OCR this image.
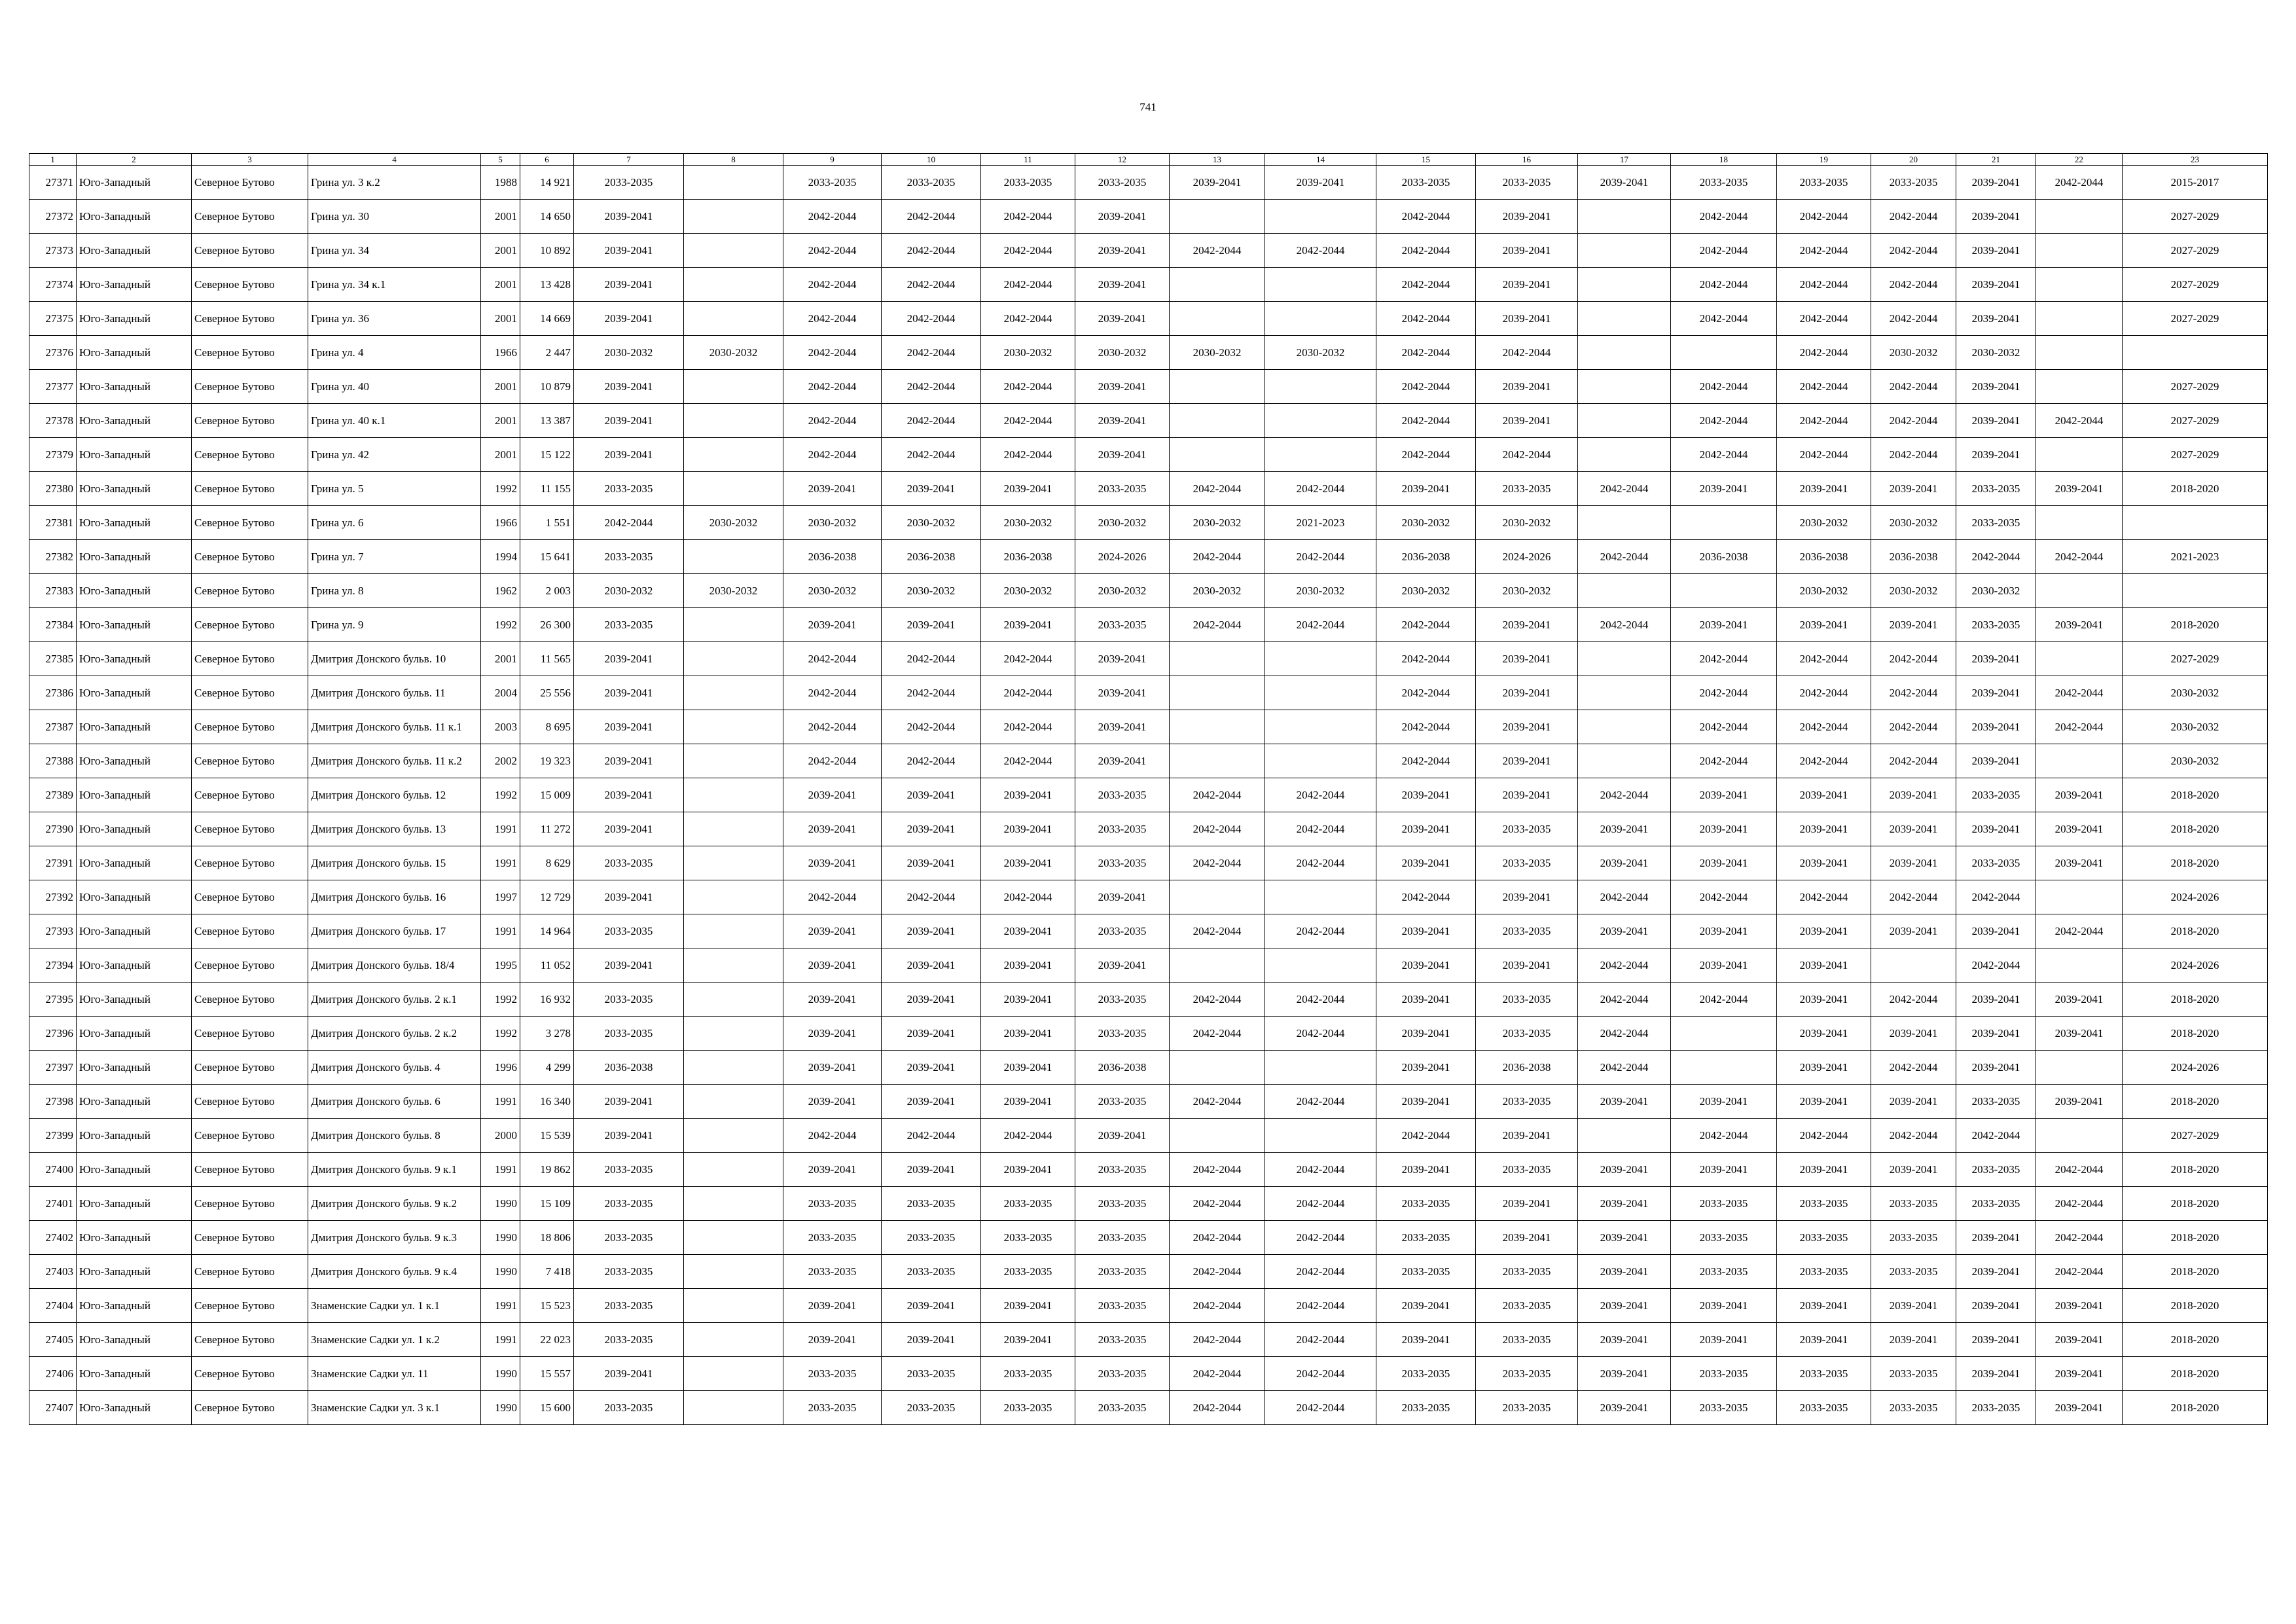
741
1	2	3	4	5	6	7	8	9	10	11	12	13	14	15	16	17	18	19	20	21	22	23
27371	Юго-Западный	Северное Бутово	Грина ул. 3 к.2	1988	14 921	2033-2035		2033-2035	2033-2035	2033-2035	2033-2035	2039-2041	2039-2041	2033-2035	2033-2035	2039-2041	2033-2035	2033-2035	2033-2035	2039-2041	2042-2044	2015-2017
27372	Юго-Западный	Северное Бутово	Грина ул. 30	2001	14 650	2039-2041		2042-2044	2042-2044	2042-2044	2039-2041			2042-2044	2039-2041		2042-2044	2042-2044	2042-2044	2039-2041		2027-2029
27373	Юго-Западный	Северное Бутово	Грина ул. 34	2001	10 892	2039-2041		2042-2044	2042-2044	2042-2044	2039-2041	2042-2044	2042-2044	2042-2044	2039-2041		2042-2044	2042-2044	2042-2044	2039-2041		2027-2029
27374	Юго-Западный	Северное Бутово	Грина ул. 34 к.1	2001	13 428	2039-2041		2042-2044	2042-2044	2042-2044	2039-2041			2042-2044	2039-2041		2042-2044	2042-2044	2042-2044	2039-2041		2027-2029
27375	Юго-Западный	Северное Бутово	Грина ул. 36	2001	14 669	2039-2041		2042-2044	2042-2044	2042-2044	2039-2041			2042-2044	2039-2041		2042-2044	2042-2044	2042-2044	2039-2041		2027-2029
27376	Юго-Западный	Северное Бутово	Грина ул. 4	1966	2 447	2030-2032	2030-2032	2042-2044	2042-2044	2030-2032	2030-2032	2030-2032	2030-2032	2042-2044	2042-2044			2042-2044	2030-2032	2030-2032		
27377	Юго-Западный	Северное Бутово	Грина ул. 40	2001	10 879	2039-2041		2042-2044	2042-2044	2042-2044	2039-2041			2042-2044	2039-2041		2042-2044	2042-2044	2042-2044	2039-2041		2027-2029
27378	Юго-Западный	Северное Бутово	Грина ул. 40 к.1	2001	13 387	2039-2041		2042-2044	2042-2044	2042-2044	2039-2041			2042-2044	2039-2041		2042-2044	2042-2044	2042-2044	2039-2041	2042-2044	2027-2029
27379	Юго-Западный	Северное Бутово	Грина ул. 42	2001	15 122	2039-2041		2042-2044	2042-2044	2042-2044	2039-2041			2042-2044	2042-2044		2042-2044	2042-2044	2042-2044	2039-2041		2027-2029
27380	Юго-Западный	Северное Бутово	Грина ул. 5	1992	11 155	2033-2035		2039-2041	2039-2041	2039-2041	2033-2035	2042-2044	2042-2044	2039-2041	2033-2035	2042-2044	2039-2041	2039-2041	2039-2041	2033-2035	2039-2041	2018-2020
27381	Юго-Западный	Северное Бутово	Грина ул. 6	1966	1 551	2042-2044	2030-2032	2030-2032	2030-2032	2030-2032	2030-2032	2030-2032	2021-2023	2030-2032	2030-2032			2030-2032	2030-2032	2033-2035		
27382	Юго-Западный	Северное Бутово	Грина ул. 7	1994	15 641	2033-2035		2036-2038	2036-2038	2036-2038	2024-2026	2042-2044	2042-2044	2036-2038	2024-2026	2042-2044	2036-2038	2036-2038	2036-2038	2042-2044	2042-2044	2021-2023
27383	Юго-Западный	Северное Бутово	Грина ул. 8	1962	2 003	2030-2032	2030-2032	2030-2032	2030-2032	2030-2032	2030-2032	2030-2032	2030-2032	2030-2032	2030-2032			2030-2032	2030-2032	2030-2032		
27384	Юго-Западный	Северное Бутово	Грина ул. 9	1992	26 300	2033-2035		2039-2041	2039-2041	2039-2041	2033-2035	2042-2044	2042-2044	2042-2044	2039-2041	2042-2044	2039-2041	2039-2041	2039-2041	2033-2035	2039-2041	2018-2020
27385	Юго-Западный	Северное Бутово	Дмитрия Донского бульв. 10	2001	11 565	2039-2041		2042-2044	2042-2044	2042-2044	2039-2041			2042-2044	2039-2041		2042-2044	2042-2044	2042-2044	2039-2041		2027-2029
27386	Юго-Западный	Северное Бутово	Дмитрия Донского бульв. 11	2004	25 556	2039-2041		2042-2044	2042-2044	2042-2044	2039-2041			2042-2044	2039-2041		2042-2044	2042-2044	2042-2044	2039-2041	2042-2044	2030-2032
27387	Юго-Западный	Северное Бутово	Дмитрия Донского бульв. 11 к.1	2003	8 695	2039-2041		2042-2044	2042-2044	2042-2044	2039-2041			2042-2044	2039-2041		2042-2044	2042-2044	2042-2044	2039-2041	2042-2044	2030-2032
27388	Юго-Западный	Северное Бутово	Дмитрия Донского бульв. 11 к.2	2002	19 323	2039-2041		2042-2044	2042-2044	2042-2044	2039-2041			2042-2044	2039-2041		2042-2044	2042-2044	2042-2044	2039-2041		2030-2032
27389	Юго-Западный	Северное Бутово	Дмитрия Донского бульв. 12	1992	15 009	2039-2041		2039-2041	2039-2041	2039-2041	2033-2035	2042-2044	2042-2044	2039-2041	2039-2041	2042-2044	2039-2041	2039-2041	2039-2041	2033-2035	2039-2041	2018-2020
27390	Юго-Западный	Северное Бутово	Дмитрия Донского бульв. 13	1991	11 272	2039-2041		2039-2041	2039-2041	2039-2041	2033-2035	2042-2044	2042-2044	2039-2041	2033-2035	2039-2041	2039-2041	2039-2041	2039-2041	2039-2041	2039-2041	2018-2020
27391	Юго-Западный	Северное Бутово	Дмитрия Донского бульв. 15	1991	8 629	2033-2035		2039-2041	2039-2041	2039-2041	2033-2035	2042-2044	2042-2044	2039-2041	2033-2035	2039-2041	2039-2041	2039-2041	2039-2041	2033-2035	2039-2041	2018-2020
27392	Юго-Западный	Северное Бутово	Дмитрия Донского бульв. 16	1997	12 729	2039-2041		2042-2044	2042-2044	2042-2044	2039-2041			2042-2044	2039-2041	2042-2044	2042-2044	2042-2044	2042-2044	2042-2044		2024-2026
27393	Юго-Западный	Северное Бутово	Дмитрия Донского бульв. 17	1991	14 964	2033-2035		2039-2041	2039-2041	2039-2041	2033-2035	2042-2044	2042-2044	2039-2041	2033-2035	2039-2041	2039-2041	2039-2041	2039-2041	2039-2041	2042-2044	2018-2020
27394	Юго-Западный	Северное Бутово	Дмитрия Донского бульв. 18/4	1995	11 052	2039-2041		2039-2041	2039-2041	2039-2041	2039-2041			2039-2041	2039-2041	2042-2044	2039-2041	2039-2041		2042-2044		2024-2026
27395	Юго-Западный	Северное Бутово	Дмитрия Донского бульв. 2 к.1	1992	16 932	2033-2035		2039-2041	2039-2041	2039-2041	2033-2035	2042-2044	2042-2044	2039-2041	2033-2035	2042-2044	2042-2044	2039-2041	2042-2044	2039-2041	2039-2041	2018-2020
27396	Юго-Западный	Северное Бутово	Дмитрия Донского бульв. 2 к.2	1992	3 278	2033-2035		2039-2041	2039-2041	2039-2041	2033-2035	2042-2044	2042-2044	2039-2041	2033-2035	2042-2044		2039-2041	2039-2041	2039-2041	2039-2041	2018-2020
27397	Юго-Западный	Северное Бутово	Дмитрия Донского бульв. 4	1996	4 299	2036-2038		2039-2041	2039-2041	2039-2041	2036-2038			2039-2041	2036-2038	2042-2044		2039-2041	2042-2044	2039-2041		2024-2026
27398	Юго-Западный	Северное Бутово	Дмитрия Донского бульв. 6	1991	16 340	2039-2041		2039-2041	2039-2041	2039-2041	2033-2035	2042-2044	2042-2044	2039-2041	2033-2035	2039-2041	2039-2041	2039-2041	2039-2041	2033-2035	2039-2041	2018-2020
27399	Юго-Западный	Северное Бутово	Дмитрия Донского бульв. 8	2000	15 539	2039-2041		2042-2044	2042-2044	2042-2044	2039-2041			2042-2044	2039-2041		2042-2044	2042-2044	2042-2044	2042-2044		2027-2029
27400	Юго-Западный	Северное Бутово	Дмитрия Донского бульв. 9 к.1	1991	19 862	2033-2035		2039-2041	2039-2041	2039-2041	2033-2035	2042-2044	2042-2044	2039-2041	2033-2035	2039-2041	2039-2041	2039-2041	2039-2041	2033-2035	2042-2044	2018-2020
27401	Юго-Западный	Северное Бутово	Дмитрия Донского бульв. 9 к.2	1990	15 109	2033-2035		2033-2035	2033-2035	2033-2035	2033-2035	2042-2044	2042-2044	2033-2035	2039-2041	2039-2041	2033-2035	2033-2035	2033-2035	2033-2035	2042-2044	2018-2020
27402	Юго-Западный	Северное Бутово	Дмитрия Донского бульв. 9 к.3	1990	18 806	2033-2035		2033-2035	2033-2035	2033-2035	2033-2035	2042-2044	2042-2044	2033-2035	2039-2041	2039-2041	2033-2035	2033-2035	2033-2035	2039-2041	2042-2044	2018-2020
27403	Юго-Западный	Северное Бутово	Дмитрия Донского бульв. 9 к.4	1990	7 418	2033-2035		2033-2035	2033-2035	2033-2035	2033-2035	2042-2044	2042-2044	2033-2035	2033-2035	2039-2041	2033-2035	2033-2035	2033-2035	2039-2041	2042-2044	2018-2020
27404	Юго-Западный	Северное Бутово	Знаменские Садки ул. 1 к.1	1991	15 523	2033-2035		2039-2041	2039-2041	2039-2041	2033-2035	2042-2044	2042-2044	2039-2041	2033-2035	2039-2041	2039-2041	2039-2041	2039-2041	2039-2041	2039-2041	2018-2020
27405	Юго-Западный	Северное Бутово	Знаменские Садки ул. 1 к.2	1991	22 023	2033-2035		2039-2041	2039-2041	2039-2041	2033-2035	2042-2044	2042-2044	2039-2041	2033-2035	2039-2041	2039-2041	2039-2041	2039-2041	2039-2041	2039-2041	2018-2020
27406	Юго-Западный	Северное Бутово	Знаменские Садки ул. 11	1990	15 557	2039-2041		2033-2035	2033-2035	2033-2035	2033-2035	2042-2044	2042-2044	2033-2035	2033-2035	2039-2041	2033-2035	2033-2035	2033-2035	2039-2041	2039-2041	2018-2020
27407	Юго-Западный	Северное Бутово	Знаменские Садки ул. 3 к.1	1990	15 600	2033-2035		2033-2035	2033-2035	2033-2035	2033-2035	2042-2044	2042-2044	2033-2035	2033-2035	2039-2041	2033-2035	2033-2035	2033-2035	2033-2035	2039-2041	2018-2020
